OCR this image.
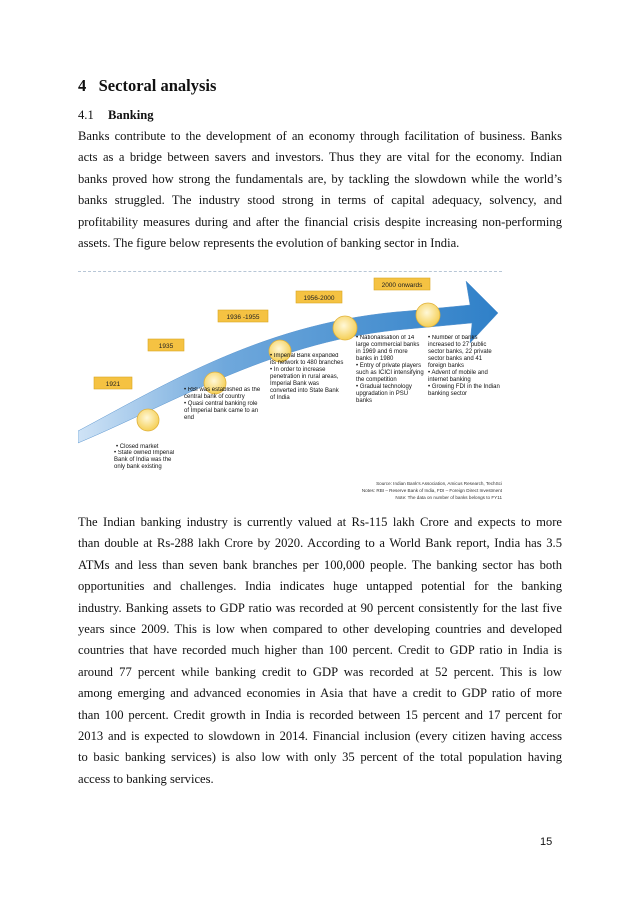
4 Sectoral analysis
4.1 Banking
Banks contribute to the development of an economy through facilitation of business. Banks
acts as a bridge between savers and investors. Thus they are vital for the economy. Indian
banks proved how strong the fundamentals are, by tackling the slowdown while the world’s
banks struggled. The industry stood strong in terms of capital adequacy, solvency, and
profitability measures during and after the financial crisis despite increasing non-performing
assets. The figure below represents the evolution of banking sector in India.
1921
1935
1936 -1955
1956-2000
2000 onwards
• Closed market
• State owned Imperial Bank of India was the only bank existing
• RBI was established as the central bank of country
• Quasi central banking role of Imperial bank came to an end
• Imperial Bank expanded its network to 480 branches
• In order to increase penetration in rural areas, Imperial Bank was converted into State Bank of India
• Nationalisation of 14 large commercial banks in 1969 and 6 more banks in 1980
• Entry of private players such as ICICI intensifying the competition
• Gradual technology upgradation in PSU banks
• Number of banks increased to 27 public sector banks, 22 private sector banks and 41 foreign banks
• Advent of mobile and internet banking
• Growing FDI in the Indian banking sector
Source: Indian Bank's Association, Amicus Research, TechSci
Notes: RBI – Reserve Bank of India, FDI – Foreign Direct Investment
Note: The data on number of banks belongs to FY11
The Indian banking industry is currently valued at Rs-115 lakh Crore and expects to more
than double at Rs-288 lakh Crore by 2020. According to a World Bank report, India has 3.5
ATMs and less than seven bank branches per 100,000 people. The banking sector has both
opportunities and challenges. India indicates huge untapped potential for the banking
industry. Banking assets to GDP ratio was recorded at 90 percent consistently for the last five
years since 2009. This is low when compared to other developing countries and developed
countries that have recorded much higher than 100 percent. Credit to GDP ratio in India is
around 77 percent while banking credit to GDP was recorded at 52 percent. This is low
among emerging and advanced economies in Asia that have a credit to GDP ratio of more
than 100 percent. Credit growth in India is recorded between 15 percent and 17 percent for
2013 and is expected to slowdown in 2014. Financial inclusion (every citizen having access
to basic banking services) is also low with only 35 percent of the total population having
access to banking services.
15
